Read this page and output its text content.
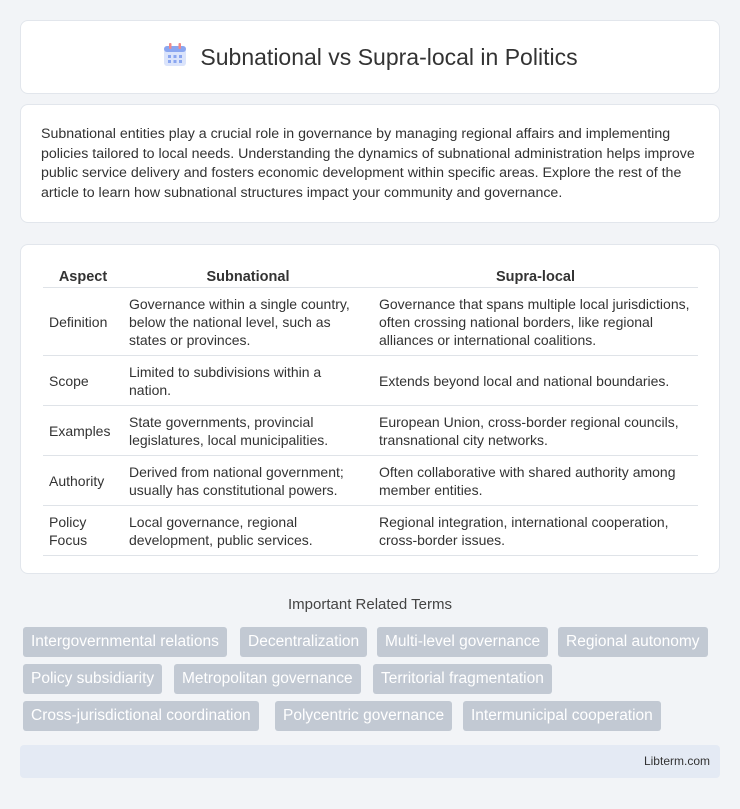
Subnational vs Supra-local in Politics

Subnational entities play a crucial role in governance by managing regional affairs and implementing policies tailored to local needs. Understanding the dynamics of subnational administration helps improve public service delivery and fosters economic development within specific areas. Explore the rest of the article to learn how subnational structures impact your community and governance.

Aspect	Subnational	Supra-local
Definition	Governance within a single country, below the national level, such as states or provinces.	Governance that spans multiple local jurisdictions, often crossing national borders, like regional alliances or international coalitions.
Scope	Limited to subdivisions within a nation.	Extends beyond local and national boundaries.
Examples	State governments, provincial legislatures, local municipalities.	European Union, cross-border regional councils, transnational city networks.
Authority	Derived from national government; usually has constitutional powers.	Often collaborative with shared authority among member entities.
Policy Focus	Local governance, regional development, public services.	Regional integration, international cooperation, cross-border issues.
Important Related Terms
Intergovernmental relations	Decentralization	Multi-level governance	Regional autonomy
Policy subsidiarity	Metropolitan governance	Territorial fragmentation
Cross-jurisdictional coordination	Polycentric governance	Intermunicipal cooperation
Libterm.com
